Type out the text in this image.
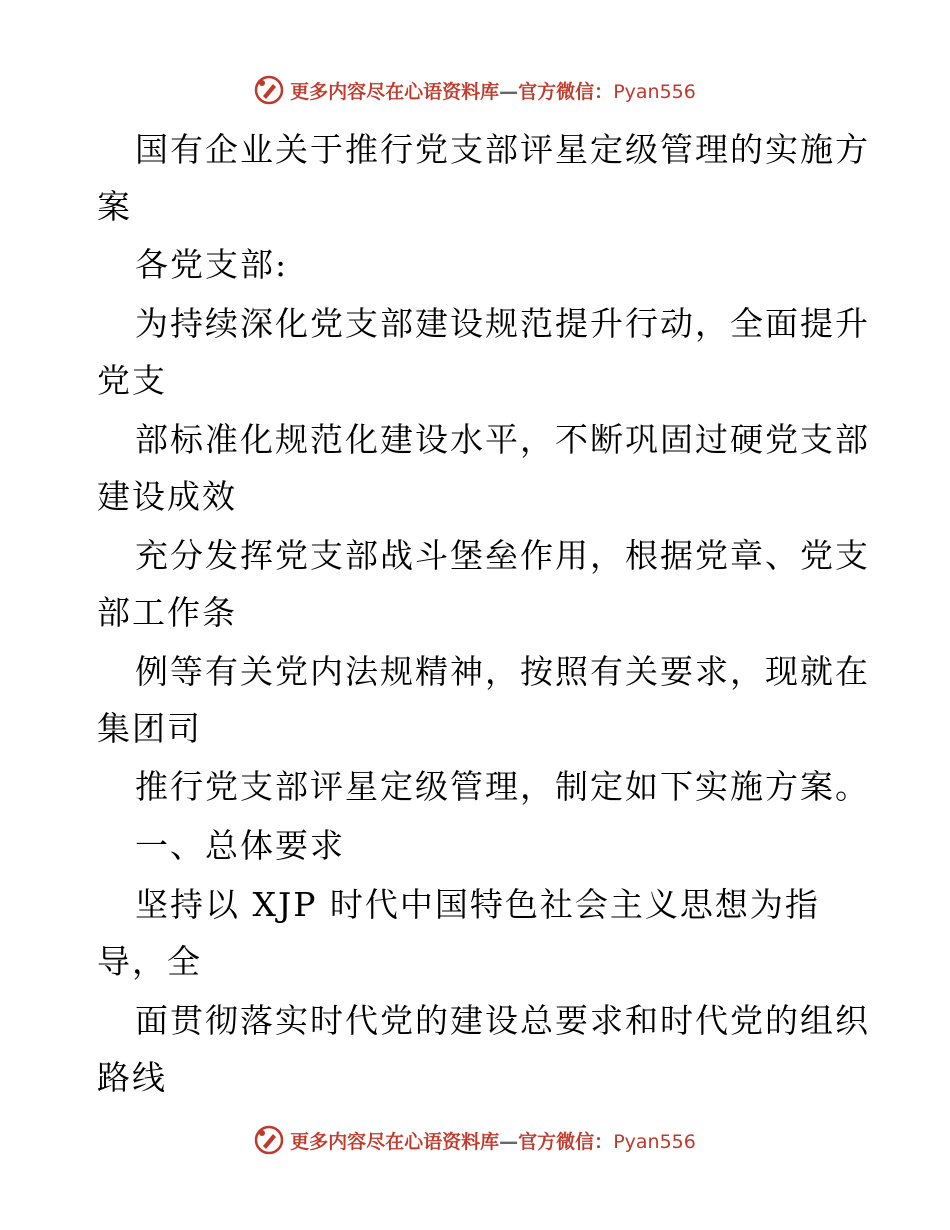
更多内容尽在心语资料库—官方微信：Pyan556
国有企业关于推行党支部评星定级管理的实施方
案
各党支部:
为持续深化党支部建设规范提升行动，全面提升
党支
部标准化规范化建设水平，不断巩固过硬党支部
建设成效
充分发挥党支部战斗堡垒作用，根据党章、党支
部工作条
例等有关党内法规精神，按照有关要求，现就在
集团司
推行党支部评星定级管理，制定如下实施方案。
一、总体要求
坚持以 XJP 时代中国特色社会主义思想为指
导，全
面贯彻落实时代党的建设总要求和时代党的组织
路线
更多内容尽在心语资料库—官方微信：Pyan556
